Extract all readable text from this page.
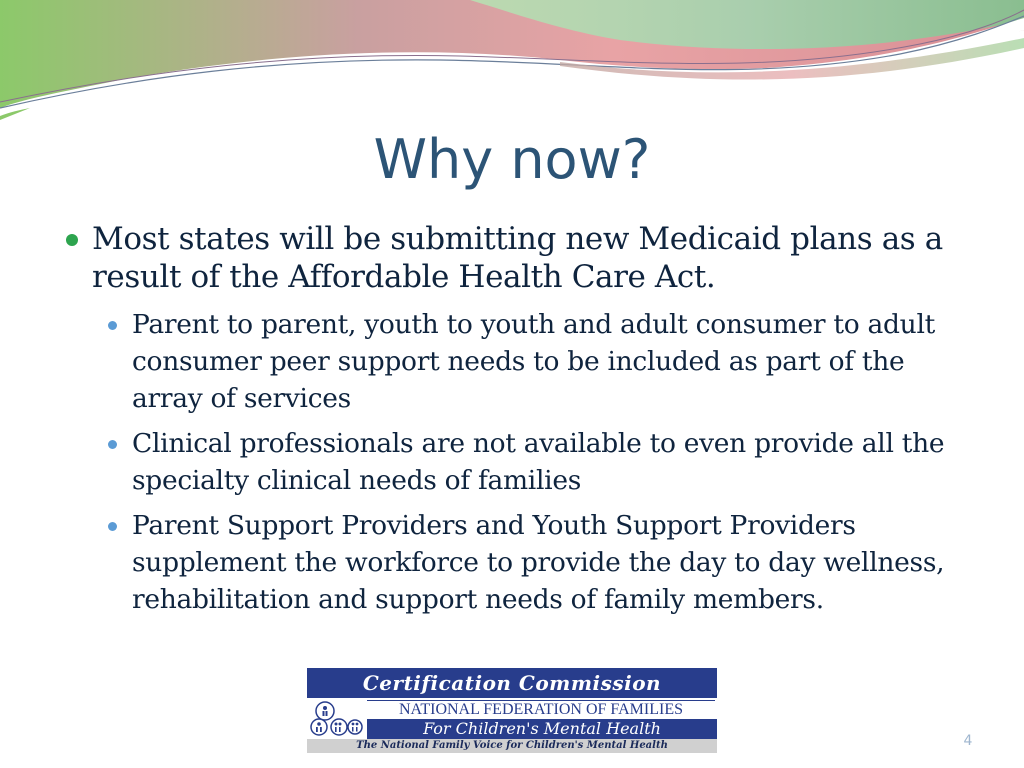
Why now?
Most states will be submitting new Medicaid plans as a result of the Affordable Health Care Act.
Parent to parent, youth to youth and adult consumer to adult consumer peer support needs to be included as part of the array of services
Clinical professionals are not available to even provide all the specialty clinical needs of families
Parent Support Providers and Youth Support Providers supplement the workforce to provide the day to day wellness, rehabilitation and support needs of family members.
Certification Commission
NATIONAL FEDERATION OF FAMILIES
For Children's Mental Health
The National Family Voice for Children's Mental Health	4
